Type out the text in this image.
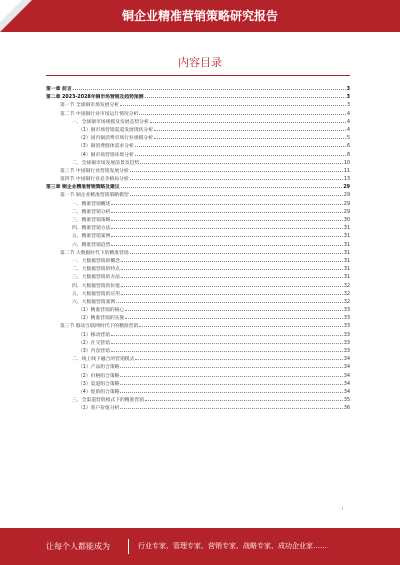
铜企业精准营销策略研究报告
内容目录
第一章 前言	3
第二章 2023-2028年铜市场营销及趋势预测	3
第一节 全球铜市场发展分析	3
第二节 中国铜行业市场运行情况分析	4
一、全球铜市场规模及发展态势分析	4
（1）铜市场营销渠道发展现状分析	4
（2）国内铜消费市场行业规模分析	5
（3）铜消费群体需求分析	6
（4）铜市场营销环境分析	8
二、全球铜市场发展前景及趋势	10
第三节 中国铜行业营销发展分析	11
第四节 中国铜行业竞争格局分析	13
第三章 铜企业精准营销策略及建议	29
第一节 铜企业精准营销策略模型	29
一、精准营销概述	29
二、精准营销分析	29
三、精准营销策略	30
四、精准营销方法	31
五、精准营销案例	31
六、精准营销趋势	31
第二节 大数据时代下的精准营销	31
一、大数据营销的概念	31
二、大数据营销的特点	31
三、大数据营销的方法	31
四、大数据营销的价值	32
五、大数据营销的应用	32
六、大数据营销案例	32
（1）精准营销的核心	33
（2）精准营销的实施	33
第三节 移动互联网时代下的精准营销	33
（1）移动营销	33
（2）社交营销	33
（3）内容营销	33
二、线上线下融合的营销模式	34
（1）产品组合策略	34
（2）价格组合策略	34
（3）渠道组合策略	34
（4）促销组合策略	34
三、全渠道营销模式下的精准营销	35
（1）客户价值分析	36
i
让每个人都能成为	行业专家、管理专家、营销专家、战略专家、成功企业家……
